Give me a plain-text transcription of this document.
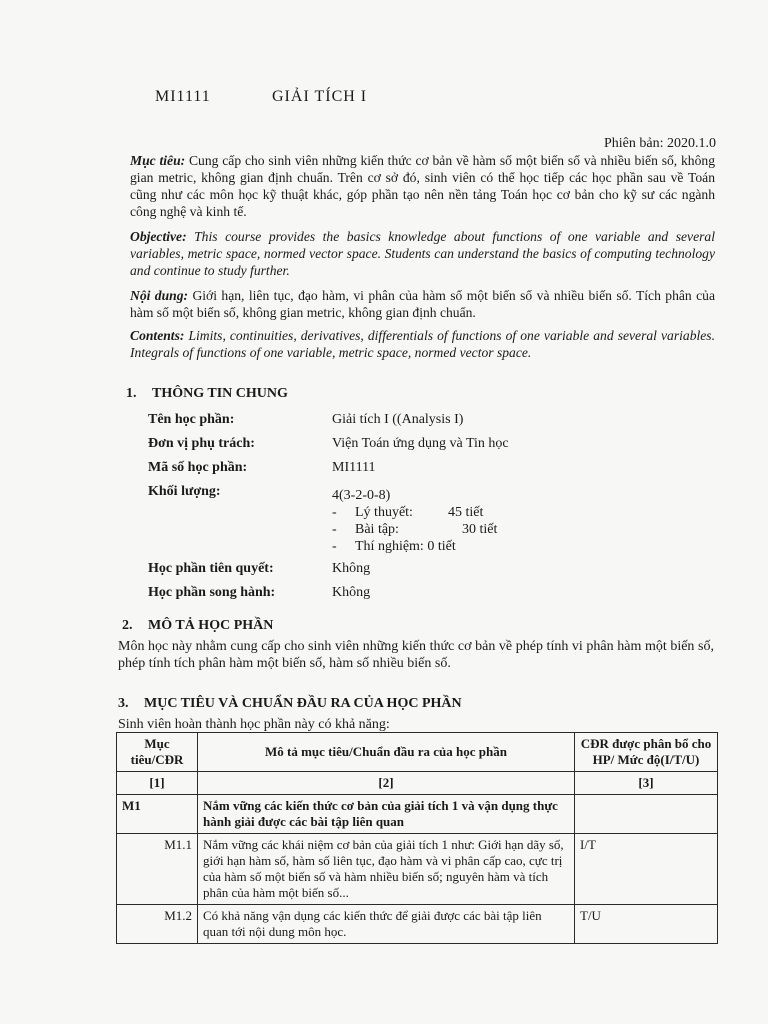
MI1111	GIẢI TÍCH I
Phiên bản: 2020.1.0
Mục tiêu: Cung cấp cho sinh viên những kiến thức cơ bản về hàm số một biến số và nhiều biến số, không gian metric, không gian định chuẩn. Trên cơ sở đó, sinh viên có thể học tiếp các học phần sau về Toán cũng như các môn học kỹ thuật khác, góp phần tạo nên nền tảng Toán học cơ bản cho kỹ sư các ngành công nghệ và kinh tế.
Objective: This course provides the basics knowledge about functions of one variable and several variables, metric space, normed vector space. Students can understand the basics of computing technology and continue to study further.
Nội dung: Giới hạn, liên tục, đạo hàm, vi phân của hàm số một biến số và nhiều biến số. Tích phân của hàm số một biến số, không gian metric, không gian định chuẩn.
Contents: Limits, continuities, derivatives, differentials of functions of one variable and several variables. Integrals of functions of one variable, metric space, normed vector space.
1. THÔNG TIN CHUNG
Tên học phần:	Giải tích I ((Analysis I)
Đơn vị phụ trách:	Viện Toán ứng dụng và Tin học
Mã số học phần:	MI1111
Khối lượng:	4(3-2-0-8)
- Lý thuyết:	45 tiết
- Bài tập:	30 tiết
- Thí nghiệm: 0 tiết
Học phần tiên quyết:	Không
Học phần song hành:	Không
2. MÔ TẢ HỌC PHẦN
Môn học này nhằm cung cấp cho sinh viên những kiến thức cơ bản về phép tính vi phân hàm một biến số, phép tính tích phân hàm một biến số, hàm số nhiều biến số.
3. MỤC TIÊU VÀ CHUẨN ĐẦU RA CỦA HỌC PHẦN
Sinh viên hoàn thành học phần này có khả năng:
Mục tiêu/CĐR	Mô tả mục tiêu/Chuẩn đầu ra của học phần	CĐR được phân bổ cho HP/ Mức độ(I/T/U)
[1]	[2]	[3]
M1	Nắm vững các kiến thức cơ bản của giải tích 1 và vận dụng thực hành giải được các bài tập liên quan	
M1.1	Nắm vững các khái niệm cơ bản của giải tích 1 như: Giới hạn dãy số, giới hạn hàm số, hàm số liên tục, đạo hàm và vi phân cấp cao, cực trị của hàm số một biến số và hàm nhiều biến số; nguyên hàm và tích phân của hàm một biến số...	I/T
M1.2	Có khả năng vận dụng các kiến thức để giải được các bài tập liên quan tới nội dung môn học.	T/U
